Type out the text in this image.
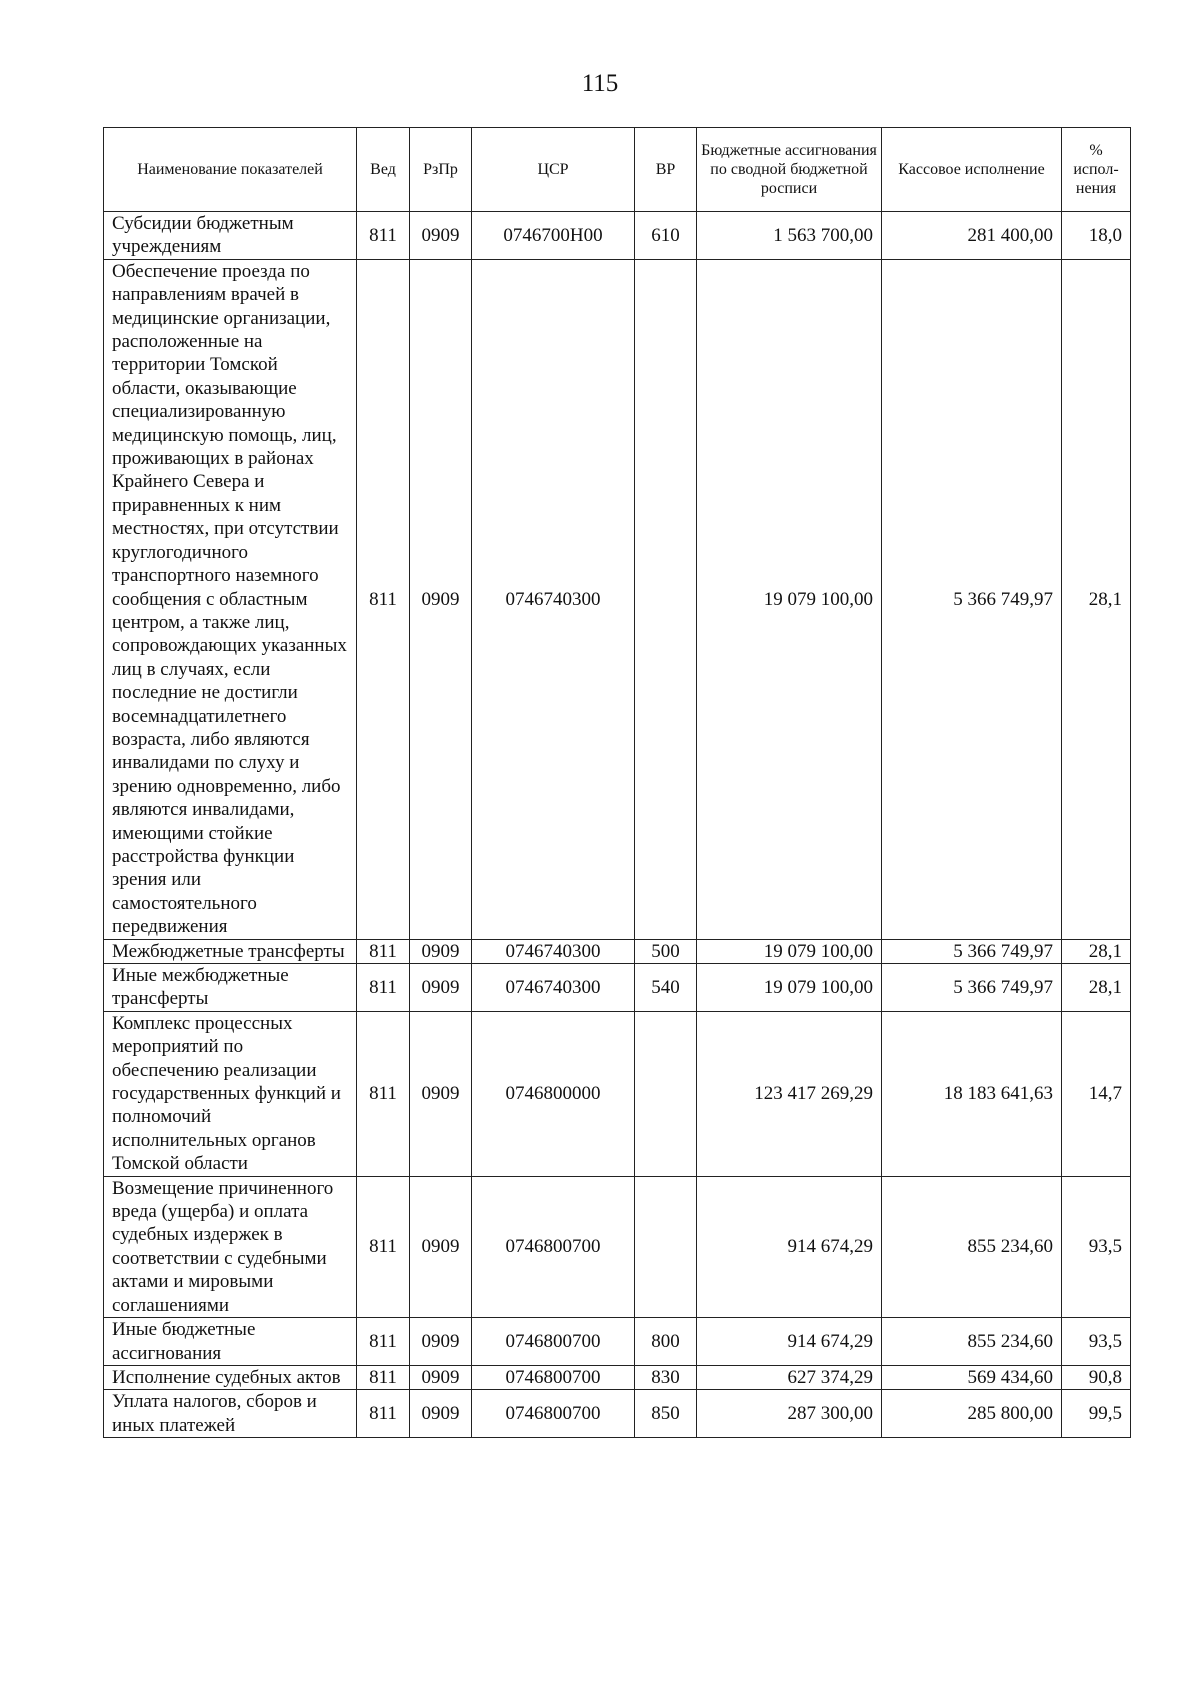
115
Наименование показателей	Вед	РзПр	ЦСР	ВР	Бюджетные ассигнования по сводной бюджетной росписи	Кассовое исполнение	% испол-нения
Субсидии бюджетным учреждениям	811	0909	0746700Н00	610	1 563 700,00	281 400,00	18,0
Обеспечение проезда по направлениям врачей в медицинские организации, расположенные на территории Томской области, оказывающие специализированную медицинскую помощь, лиц, проживающих в районах Крайнего Севера и приравненных к ним местностях, при отсутствии круглогодичного транспортного наземного сообщения с областным центром, а также лиц, сопровождающих указанных лиц в случаях, если последние не достигли восемнадцатилетнего возраста, либо являются инвалидами по слуху и зрению одновременно, либо являются инвалидами, имеющими стойкие расстройства функции зрения или самостоятельного передвижения	811	0909	0746740300		19 079 100,00	5 366 749,97	28,1
Межбюджетные трансферты	811	0909	0746740300	500	19 079 100,00	5 366 749,97	28,1
Иные межбюджетные трансферты	811	0909	0746740300	540	19 079 100,00	5 366 749,97	28,1
Комплекс процессных мероприятий по обеспечению реализации государственных функций и полномочий исполнительных органов Томской области	811	0909	0746800000		123 417 269,29	18 183 641,63	14,7
Возмещение причиненного вреда (ущерба) и оплата судебных издержек в соответствии с судебными актами и мировыми соглашениями	811	0909	0746800700		914 674,29	855 234,60	93,5
Иные бюджетные ассигнования	811	0909	0746800700	800	914 674,29	855 234,60	93,5
Исполнение судебных актов	811	0909	0746800700	830	627 374,29	569 434,60	90,8
Уплата налогов, сборов и иных платежей	811	0909	0746800700	850	287 300,00	285 800,00	99,5
